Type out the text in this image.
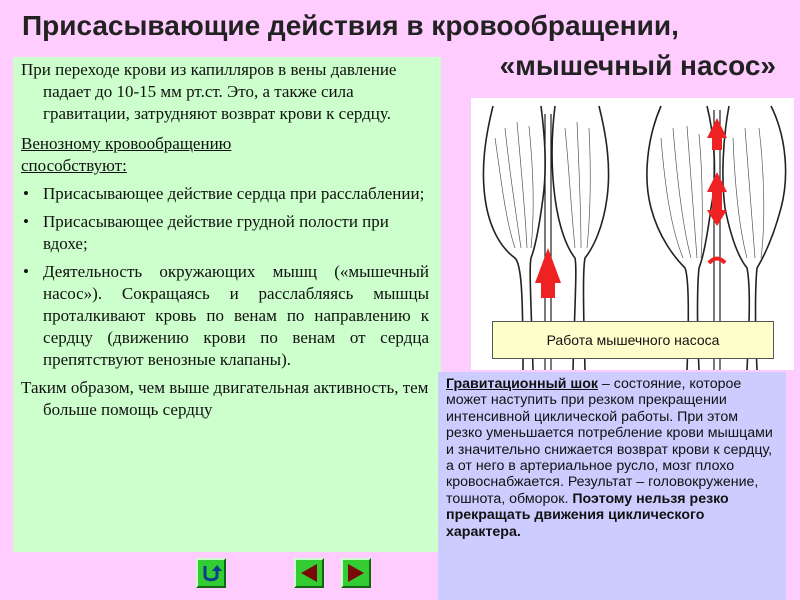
Присасывающие действия в кровообращении,
«мышечный насос»

При переходе крови из капилляров в вены давление падает до 10-15 мм рт.ст. Это, а также сила гравитации, затрудняют возврат крови к сердцу.

Венозному кровообращению способствуют:

• Присасывающее действие сердца при расслаблении;
• Присасывающее действие грудной полости при вдохе;
• Деятельность окружающих мышц («мышечный насос»). Сокращаясь и расслабляясь мышцы проталкивают кровь по венам по направлению к сердцу (движению крови по венам от сердца препятствуют венозные клапаны).

Таким образом, чем выше двигательная активность, тем больше помощь сердцу

Работа мышечного насоса
Гравитационный шок – состояние, которое может наступить при резком прекращении интенсивной циклической работы. При этом резко уменьшается потребление крови мышцами и значительно снижается возврат крови к сердцу, а от него в артериальное русло, мозг плохо кровоснабжается. Результат – головокружение, тошнота, обморок. Поэтому нельзя резко прекращать движения циклического характера.
